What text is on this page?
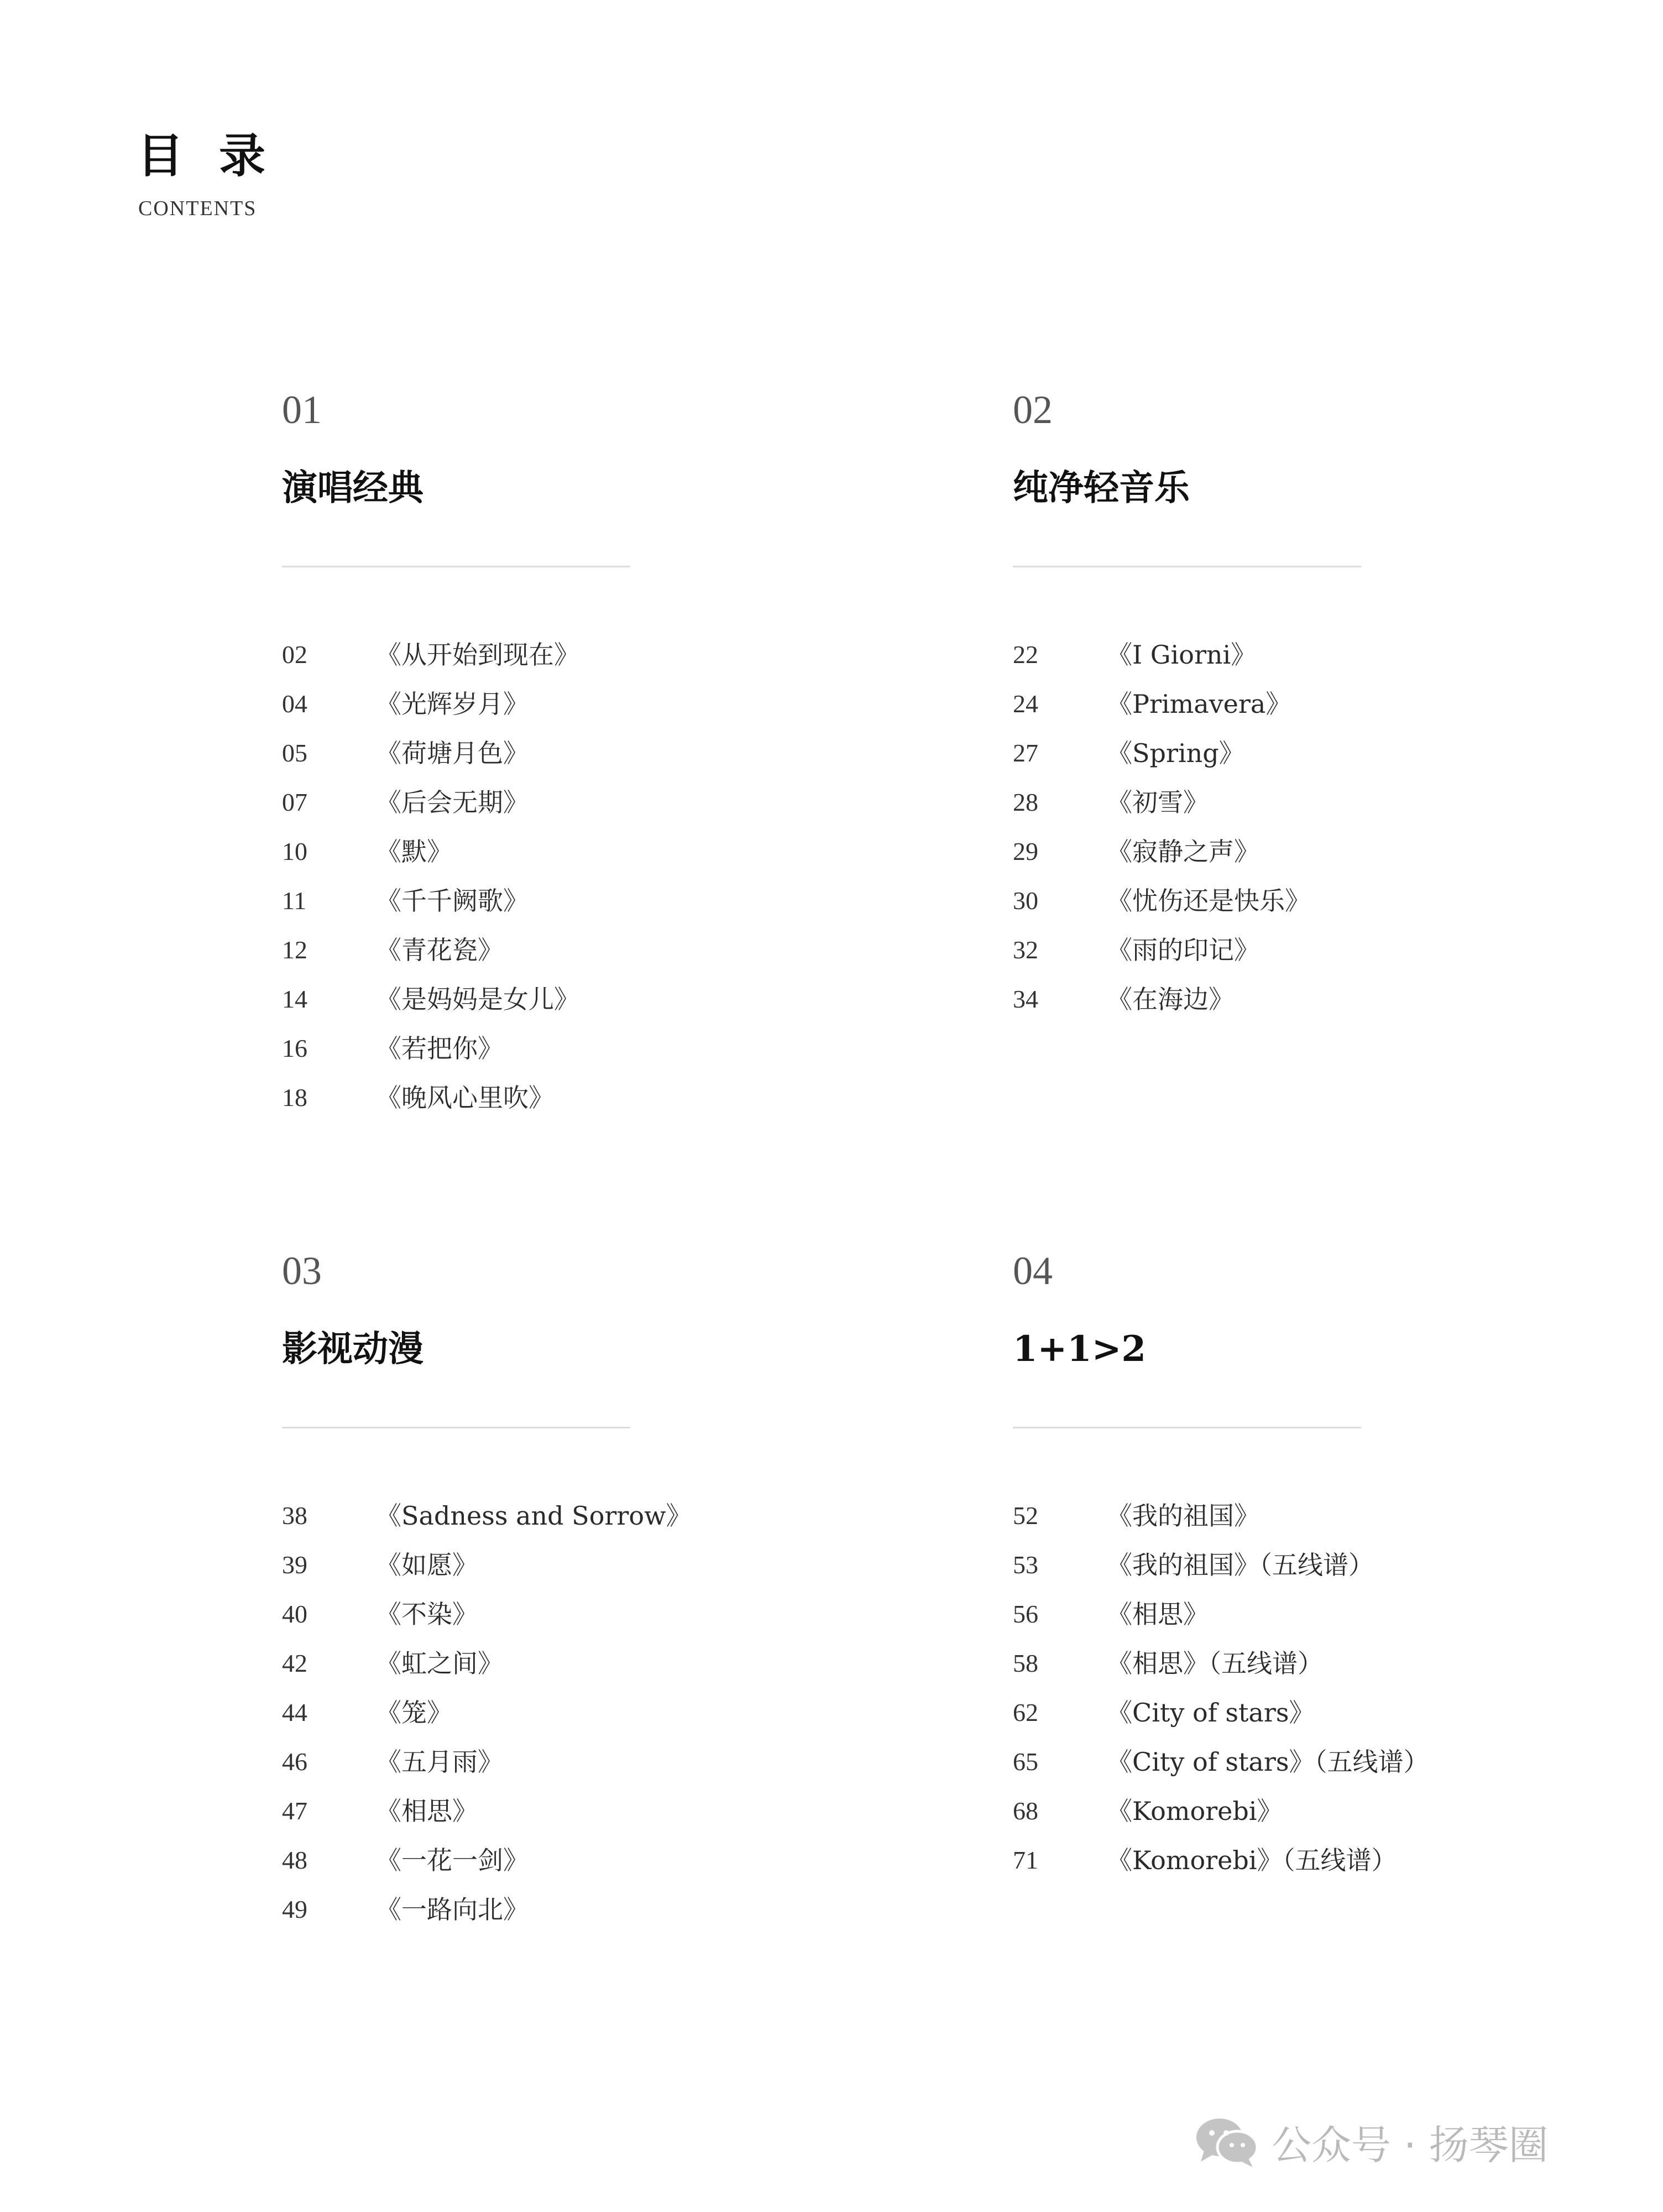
目录
CONTENTS
01
演唱经典
02	《从开始到现在》
04	《光辉岁月》
05	《荷塘月色》
07	《后会无期》
10	《默》
11	《千千阙歌》
12	《青花瓷》
14	《是妈妈是女儿》
16	《若把你》
18	《晚风心里吹》
02
纯净轻音乐
22	《I Giorni》
24	《Primavera》
27	《Spring》
28	《初雪》
29	《寂静之声》
30	《忧伤还是快乐》
32	《雨的印记》
34	《在海边》
03
影视动漫
38	《Sadness and Sorrow》
39	《如愿》
40	《不染》
42	《虹之间》
44	《笼》
46	《五月雨》
47	《相思》
48	《一花一剑》
49	《一路向北》
04
1+1>2
52	《我的祖国》
53	《我的祖国》（五线谱）
56	《相思》
58	《相思》（五线谱）
62	《City of stars》
65	《City of stars》（五线谱）
68	《Komorebi》
71	《Komorebi》（五线谱）
公众号 · 扬琴圈
